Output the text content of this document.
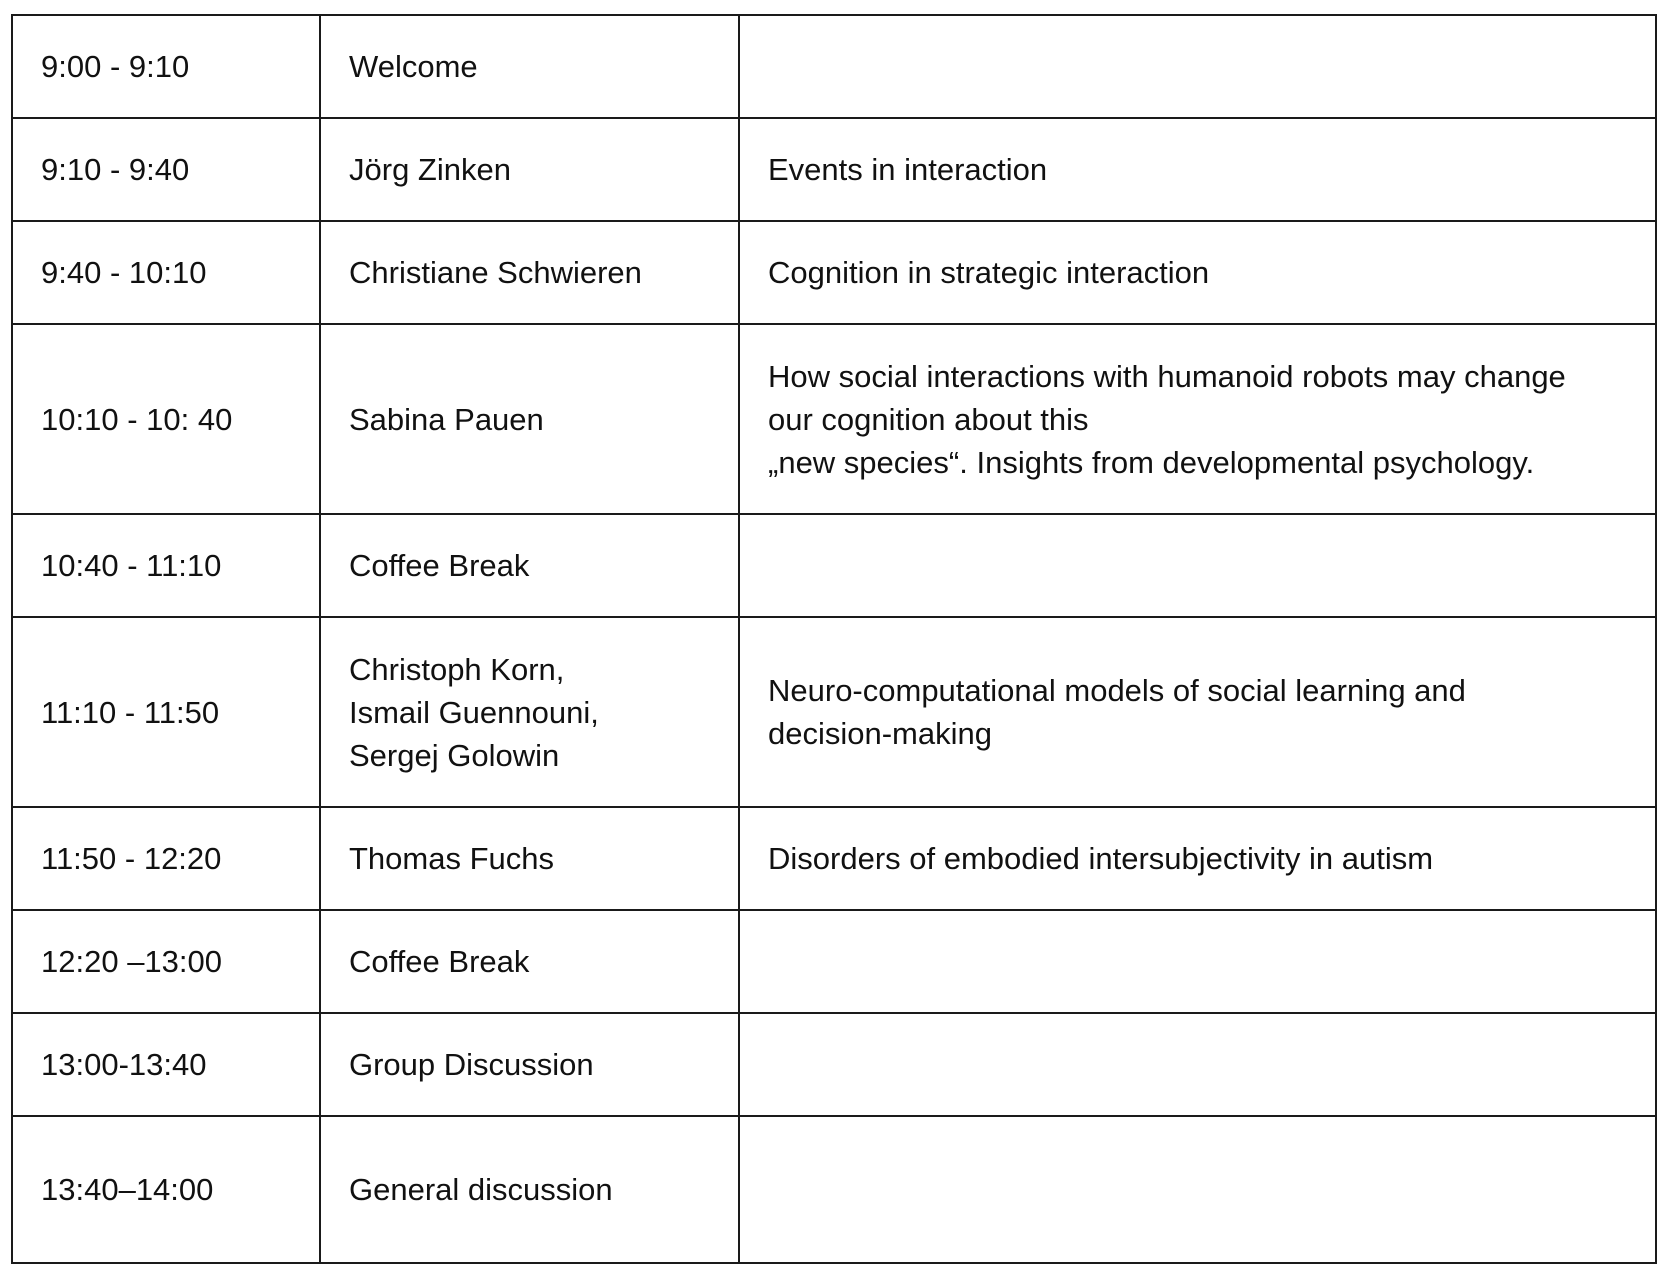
9:00 - 9:10	Welcome	

9:10 - 9:40	Jörg Zinken	Events in interaction

9:40 - 10:10	Christiane Schwieren	Cognition in strategic interaction

10:10 - 10: 40	Sabina Pauen	How social interactions with humanoid robots may change
our cognition about this
„new species“. Insights from developmental psychology.

10:40 - 11:10	Coffee Break	

11:10 - 11:50	Christoph Korn,
Ismail Guennouni,
Sergej Golowin	Neuro-computational models of social learning and
decision-making

11:50 - 12:20	Thomas Fuchs	Disorders of embodied intersubjectivity in autism

12:20 –13:00	Coffee Break	

13:00-13:40	Group Discussion	

13:40–14:00	General discussion	
